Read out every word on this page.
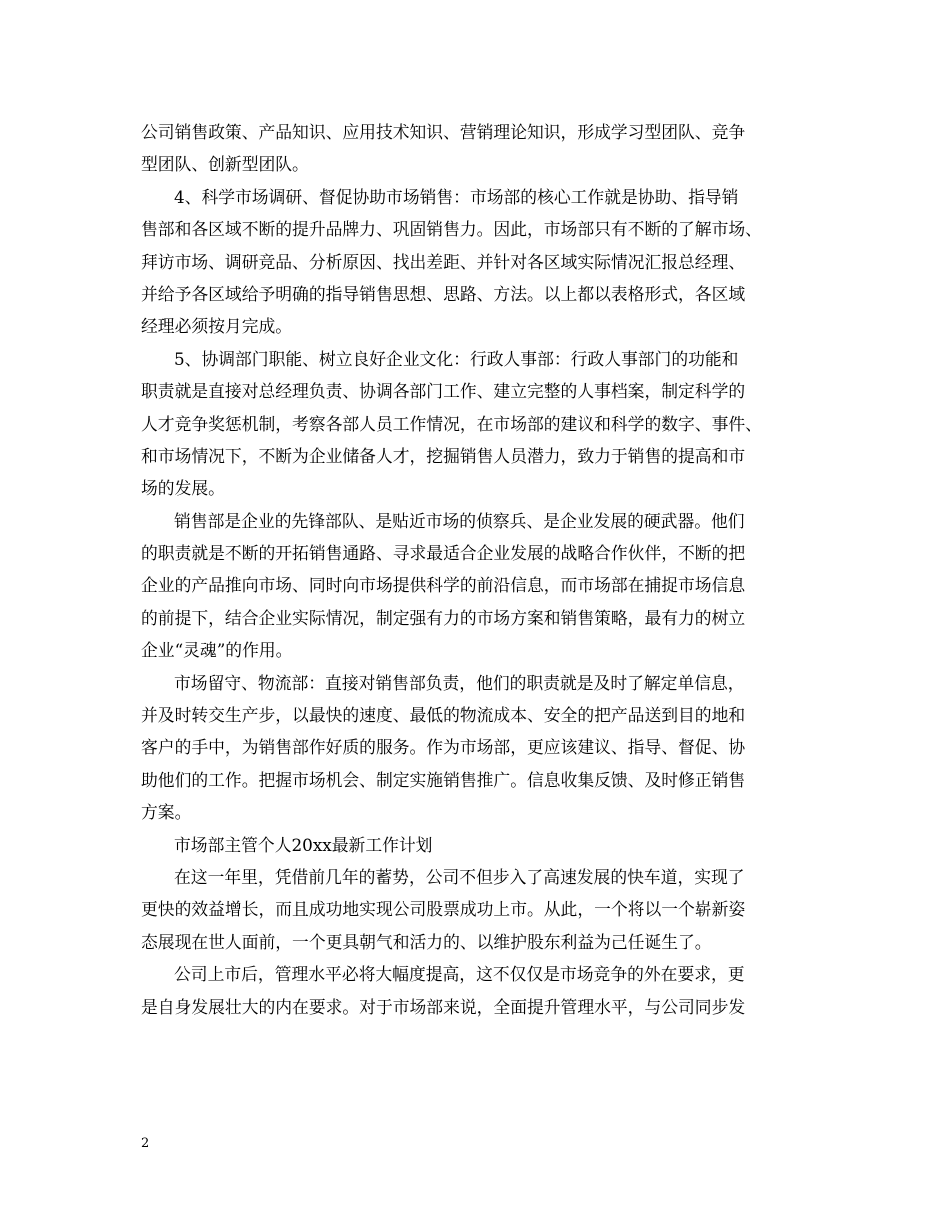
公司销售政策、产品知识、应用技术知识、营销理论知识，形成学习型团队、竞争
型团队、创新型团队。
4、科学市场调研、督促协助市场销售：市场部的核心工作就是协助、指导销
售部和各区域不断的提升品牌力、巩固销售力。因此，市场部只有不断的了解市场、
拜访市场、调研竞品、分析原因、找出差距、并针对各区域实际情况汇报总经理、
并给予各区域给予明确的指导销售思想、思路、方法。以上都以表格形式，各区域
经理必须按月完成。
5、协调部门职能、树立良好企业文化：行政人事部：行政人事部门的功能和
职责就是直接对总经理负责、协调各部门工作、建立完整的人事档案，制定科学的
人才竞争奖惩机制，考察各部人员工作情况，在市场部的建议和科学的数字、事件、
和市场情况下，不断为企业储备人才，挖掘销售人员潜力，致力于销售的提高和市
场的发展。
销售部是企业的先锋部队、是贴近市场的侦察兵、是企业发展的硬武器。他们
的职责就是不断的开拓销售通路、寻求最适合企业发展的战略合作伙伴，不断的把
企业的产品推向市场、同时向市场提供科学的前沿信息，而市场部在捕捉市场信息
的前提下，结合企业实际情况，制定强有力的市场方案和销售策略，最有力的树立
企业“灵魂”的作用。
市场留守、物流部：直接对销售部负责，他们的职责就是及时了解定单信息，
并及时转交生产步，以最快的速度、最低的物流成本、安全的把产品送到目的地和
客户的手中，为销售部作好质的服务。作为市场部，更应该建议、指导、督促、协
助他们的工作。把握市场机会、制定实施销售推广。信息收集反馈、及时修正销售
方案。
市场部主管个人20xx最新工作计划
在这一年里，凭借前几年的蓄势，公司不但步入了高速发展的快车道，实现了
更快的效益增长，而且成功地实现公司股票成功上市。从此，一个将以一个崭新姿
态展现在世人面前，一个更具朝气和活力的、以维护股东利益为己任诞生了。
公司上市后，管理水平必将大幅度提高，这不仅仅是市场竞争的外在要求，更
是自身发展壮大的内在要求。对于市场部来说，全面提升管理水平，与公司同步发
2
